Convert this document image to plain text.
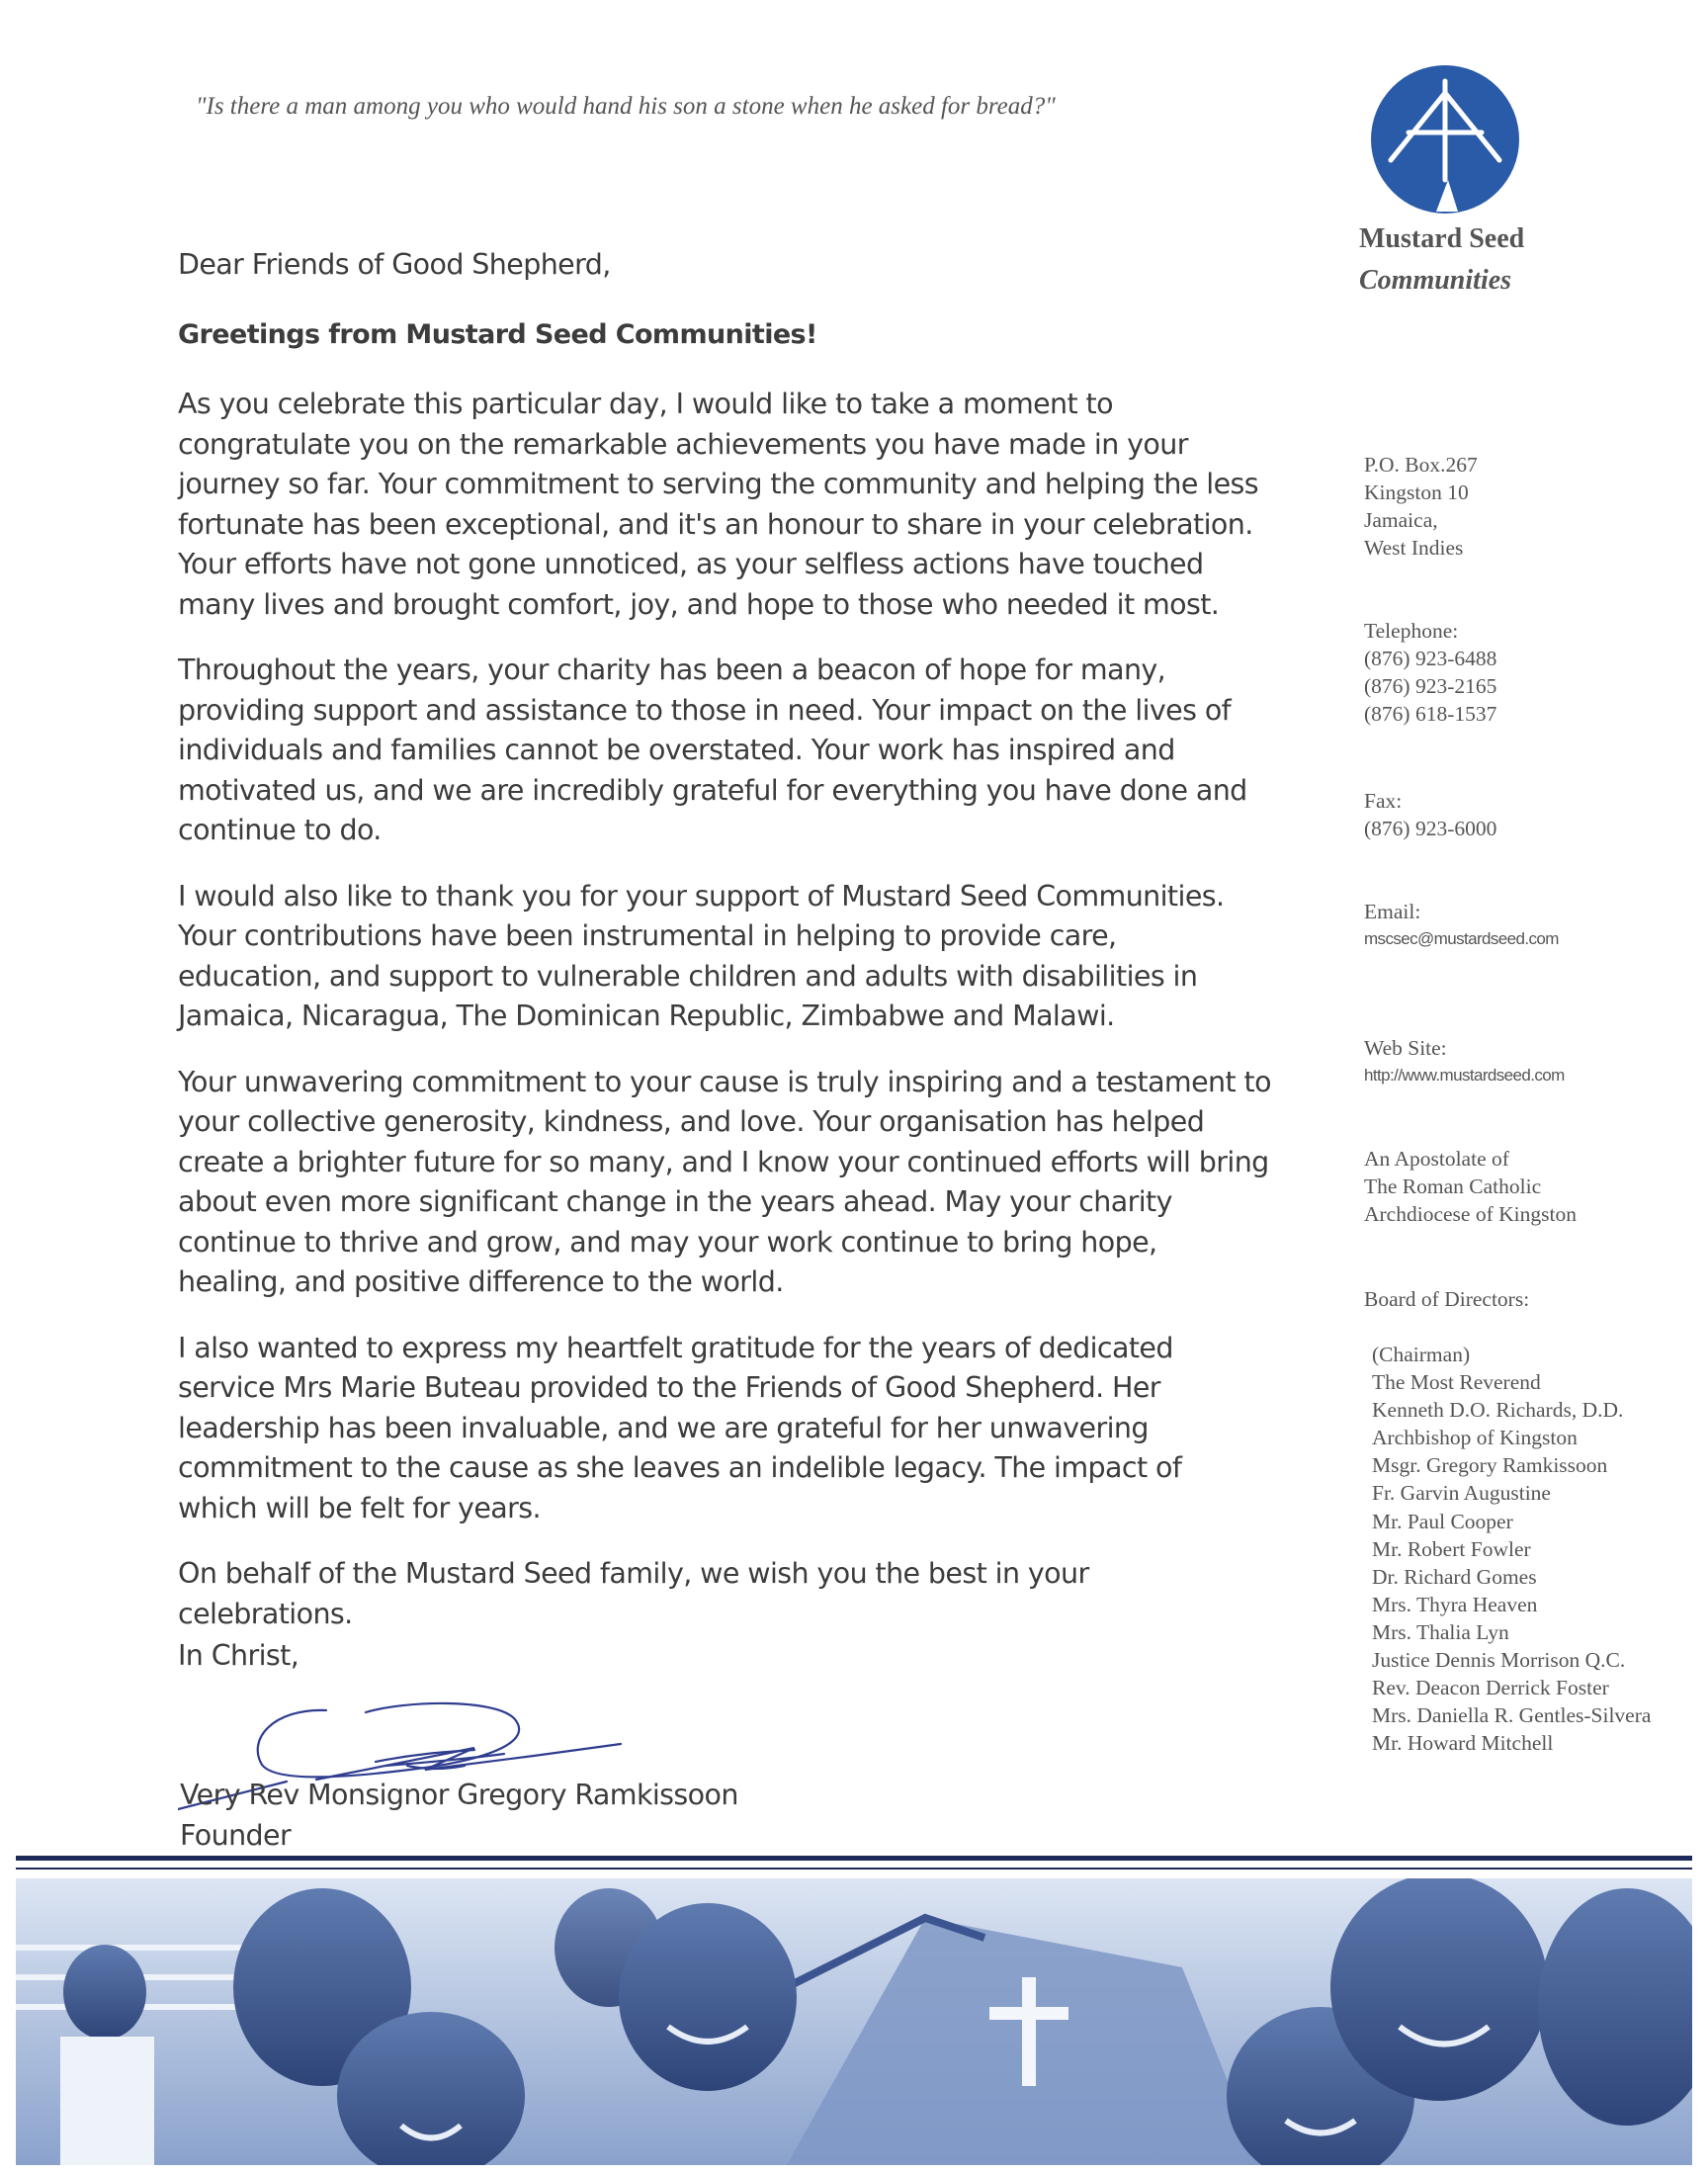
"Is there a man among you who would hand his son a stone when he asked for bread?"
Mustard Seed
Communities

Dear Friends of Good Shepherd,

Greetings from Mustard Seed Communities!

As you celebrate this particular day, I would like to take a moment to
congratulate you on the remarkable achievements you have made in your
journey so far. Your commitment to serving the community and helping the less
fortunate has been exceptional, and it's an honour to share in your celebration.
Your efforts have not gone unnoticed, as your selfless actions have touched
many lives and brought comfort, joy, and hope to those who needed it most.

Throughout the years, your charity has been a beacon of hope for many,
providing support and assistance to those in need. Your impact on the lives of
individuals and families cannot be overstated. Your work has inspired and
motivated us, and we are incredibly grateful for everything you have done and
continue to do.

I would also like to thank you for your support of Mustard Seed Communities.
Your contributions have been instrumental in helping to provide care,
education, and support to vulnerable children and adults with disabilities in
Jamaica, Nicaragua, The Dominican Republic, Zimbabwe and Malawi.

Your unwavering commitment to your cause is truly inspiring and a testament to
your collective generosity, kindness, and love. Your organisation has helped
create a brighter future for so many, and I know your continued efforts will bring
about even more significant change in the years ahead. May your charity
continue to thrive and grow, and may your work continue to bring hope,
healing, and positive difference to the world.

I also wanted to express my heartfelt gratitude for the years of dedicated
service Mrs Marie Buteau provided to the Friends of Good Shepherd. Her
leadership has been invaluable, and we are grateful for her unwavering
commitment to the cause as she leaves an indelible legacy. The impact of
which will be felt for years.

On behalf of the Mustard Seed family, we wish you the best in your
celebrations.

In Christ,
Very Rev Monsignor Gregory Ramkissoon
Founder
P.O. Box.267
Kingston 10
Jamaica,
West Indies
Telephone:
(876) 923-6488
(876) 923-2165
(876) 618-1537
Fax:
(876) 923-6000
Email:
mscsec@mustardseed.com
Web Site:
http://www.mustardseed.com
An Apostolate of
The Roman Catholic
Archdiocese of Kingston
Board of Directors:
(Chairman)
The Most Reverend
Kenneth D.O. Richards, D.D.
Archbishop of Kingston
Msgr. Gregory Ramkissoon
Fr. Garvin Augustine
Mr. Paul Cooper
Mr. Robert Fowler
Dr. Richard Gomes
Mrs. Thyra Heaven
Mrs. Thalia Lyn
Justice Dennis Morrison Q.C.
Rev. Deacon Derrick Foster
Mrs. Daniella R. Gentles-Silvera
Mr. Howard Mitchell
